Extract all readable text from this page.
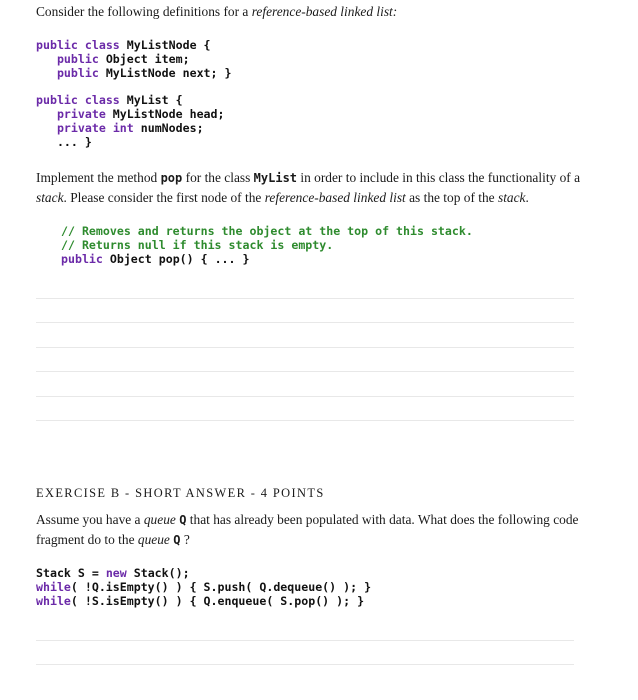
Consider the following definitions for a reference-based linked list:
public class MyListNode {
public Object item;
public MyListNode next; }
public class MyList {
private MyListNode head;
private int numNodes;
... }
Implement the method pop for the class MyList in order to include in this class the functionality of a stack. Please consider the first node of the reference-based linked list as the top of the stack.
// Removes and returns the object at the top of this stack.
// Returns null if this stack is empty.
public Object pop() { ... }
EXERCISE B - SHORT ANSWER - 4 POINTS
Assume you have a queue Q that has already been populated with data. What does the following code fragment do to the queue Q ?
Stack S = new Stack();
while( !Q.isEmpty() ) { S.push( Q.dequeue() ); }
while( !S.isEmpty() ) { Q.enqueue( S.pop() ); }
